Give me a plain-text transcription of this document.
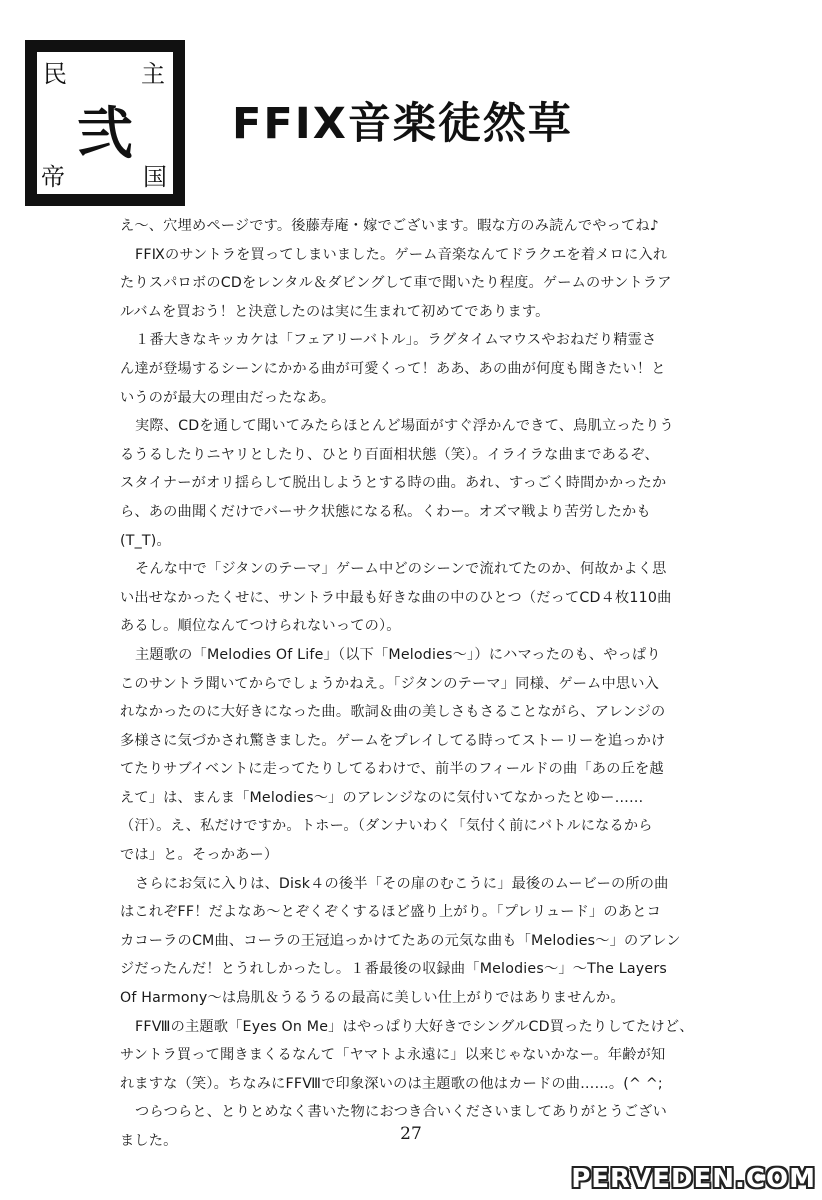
民	主
弐
帝	国
FFIX音楽徒然草
え～、穴埋めページです。後藤寿庵・嫁でございます。暇な方のみ読んでやってね♪
FFⅨのサントラを買ってしまいました。ゲーム音楽なんてドラクエを着メロに入れ
たりスパロボのCDをレンタル＆ダビングして車で聞いたり程度。ゲームのサントラア
ルバムを買おう！と決意したのは実に生まれて初めてであります。
１番大きなキッカケは「フェアリーバトル」。ラグタイムマウスやおねだり精霊さ
ん達が登場するシーンにかかる曲が可愛くって！ああ、あの曲が何度も聞きたい！と
いうのが最大の理由だったなあ。
実際、CDを通して聞いてみたらほとんど場面がすぐ浮かんできて、鳥肌立ったりう
るうるしたりニヤリとしたり、ひとり百面相状態（笑）。イライラな曲まであるぞ、
スタイナーがオリ揺らして脱出しようとする時の曲。あれ、すっごく時間かかったか
ら、あの曲聞くだけでバーサク状態になる私。くわー。オズマ戦より苦労したかも
(T_T)。
そんな中で「ジタンのテーマ」ゲーム中どのシーンで流れてたのか、何故かよく思
い出せなかったくせに、サントラ中最も好きな曲の中のひとつ（だってCD４枚110曲
あるし。順位なんてつけられないっての）。
主題歌の「Melodies Of Life」（以下「Melodies～」）にハマったのも、やっぱり
このサントラ聞いてからでしょうかねえ。「ジタンのテーマ」同様、ゲーム中思い入
れなかったのに大好きになった曲。歌詞＆曲の美しさもさることながら、アレンジの
多様さに気づかされ驚きました。ゲームをプレイしてる時ってストーリーを追っかけ
てたりサブイベントに走ってたりしてるわけで、前半のフィールドの曲「あの丘を越
えて」は、まんま「Melodies～」のアレンジなのに気付いてなかったとゆー……
（汗）。え、私だけですか。トホー。（ダンナいわく「気付く前にバトルになるから
では」と。そっかあー）
さらにお気に入りは、Disk４の後半「その扉のむこうに」最後のムービーの所の曲
はこれぞFF！だよなあ～とぞくぞくするほど盛り上がり。「プレリュード」のあとコ
カコーラのCM曲、コーラの王冠追っかけてたあの元気な曲も「Melodies～」のアレン
ジだったんだ！とうれしかったし。１番最後の収録曲「Melodies～」～The Layers
Of Harmony～は鳥肌＆うるうるの最高に美しい仕上がりではありませんか。
FFⅧの主題歌「Eyes On Me」はやっぱり大好きでシングルCD買ったりしてたけど、
サントラ買って聞きまくるなんて「ヤマトよ永遠に」以来じゃないかなー。年齢が知
れますな（笑）。ちなみにFFⅧで印象深いのは主題歌の他はカードの曲……。(^ ^;
つらつらと、とりとめなく書いた物におつき合いくださいましてありがとうござい
ました。	27
PERVEDEN.COM
